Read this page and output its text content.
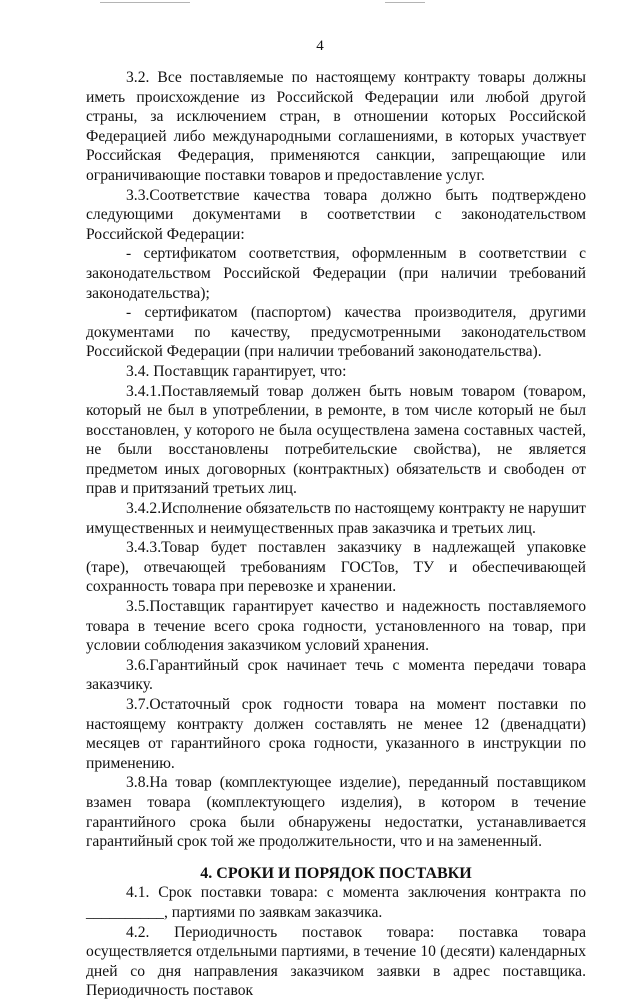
4

3.2. Все поставляемые по настоящему контракту товары должны иметь происхождение из Российской Федерации или любой другой страны, за исключением стран, в отношении которых Российской Федерацией либо международными соглашениями, в которых участвует Российская Федерация, применяются санкции, запрещающие или ограничивающие поставки товаров и предоставление услуг.

3.3.Соответствие качества товара должно быть подтверждено следующими документами в соответствии с законодательством Российской Федерации:

- сертификатом соответствия, оформленным в соответствии с законодательством Российской Федерации (при наличии требований законодательства);

- сертификатом (паспортом) качества производителя, другими документами по качеству, предусмотренными законодательством Российской Федерации (при наличии требований законодательства).

3.4. Поставщик гарантирует, что:

3.4.1.Поставляемый товар должен быть новым товаром (товаром, который не был в употреблении, в ремонте, в том числе который не был восстановлен, у которого не была осуществлена замена составных частей, не были восстановлены потребительские свойства), не является предметом иных договорных (контрактных) обязательств и свободен от прав и притязаний третьих лиц.

3.4.2.Исполнение обязательств по настоящему контракту не нарушит имущественных и неимущественных прав заказчика и третьих лиц.

3.4.3.Товар будет поставлен заказчику в надлежащей упаковке (таре), отвечающей требованиям ГОСТов, ТУ и обеспечивающей сохранность товара при перевозке и хранении.

3.5.Поставщик гарантирует качество и надежность поставляемого товара в течение всего срока годности, установленного на товар, при условии соблюдения заказчиком условий хранения.

3.6.Гарантийный срок начинает течь с момента передачи товара заказчику.

3.7.Остаточный срок годности товара на момент поставки по настоящему контракту должен составлять не менее 12 (двенадцати) месяцев от гарантийного срока годности, указанного в инструкции по применению.

3.8.На товар (комплектующее изделие), переданный поставщиком взамен товара (комплектующего изделия), в котором в течение гарантийного срока были обнаружены недостатки, устанавливается гарантийный срок той же продолжительности, что и на замененный.

4. СРОКИ И ПОРЯДОК ПОСТАВКИ

4.1. Срок поставки товара: с момента заключения контракта по __________, партиями по заявкам заказчика.

4.2. Периодичность поставок товара: поставка товара осуществляется отдельными партиями, в течение 10 (десяти) календарных дней со дня направления заказчиком заявки в адрес поставщика. Периодичность поставок
